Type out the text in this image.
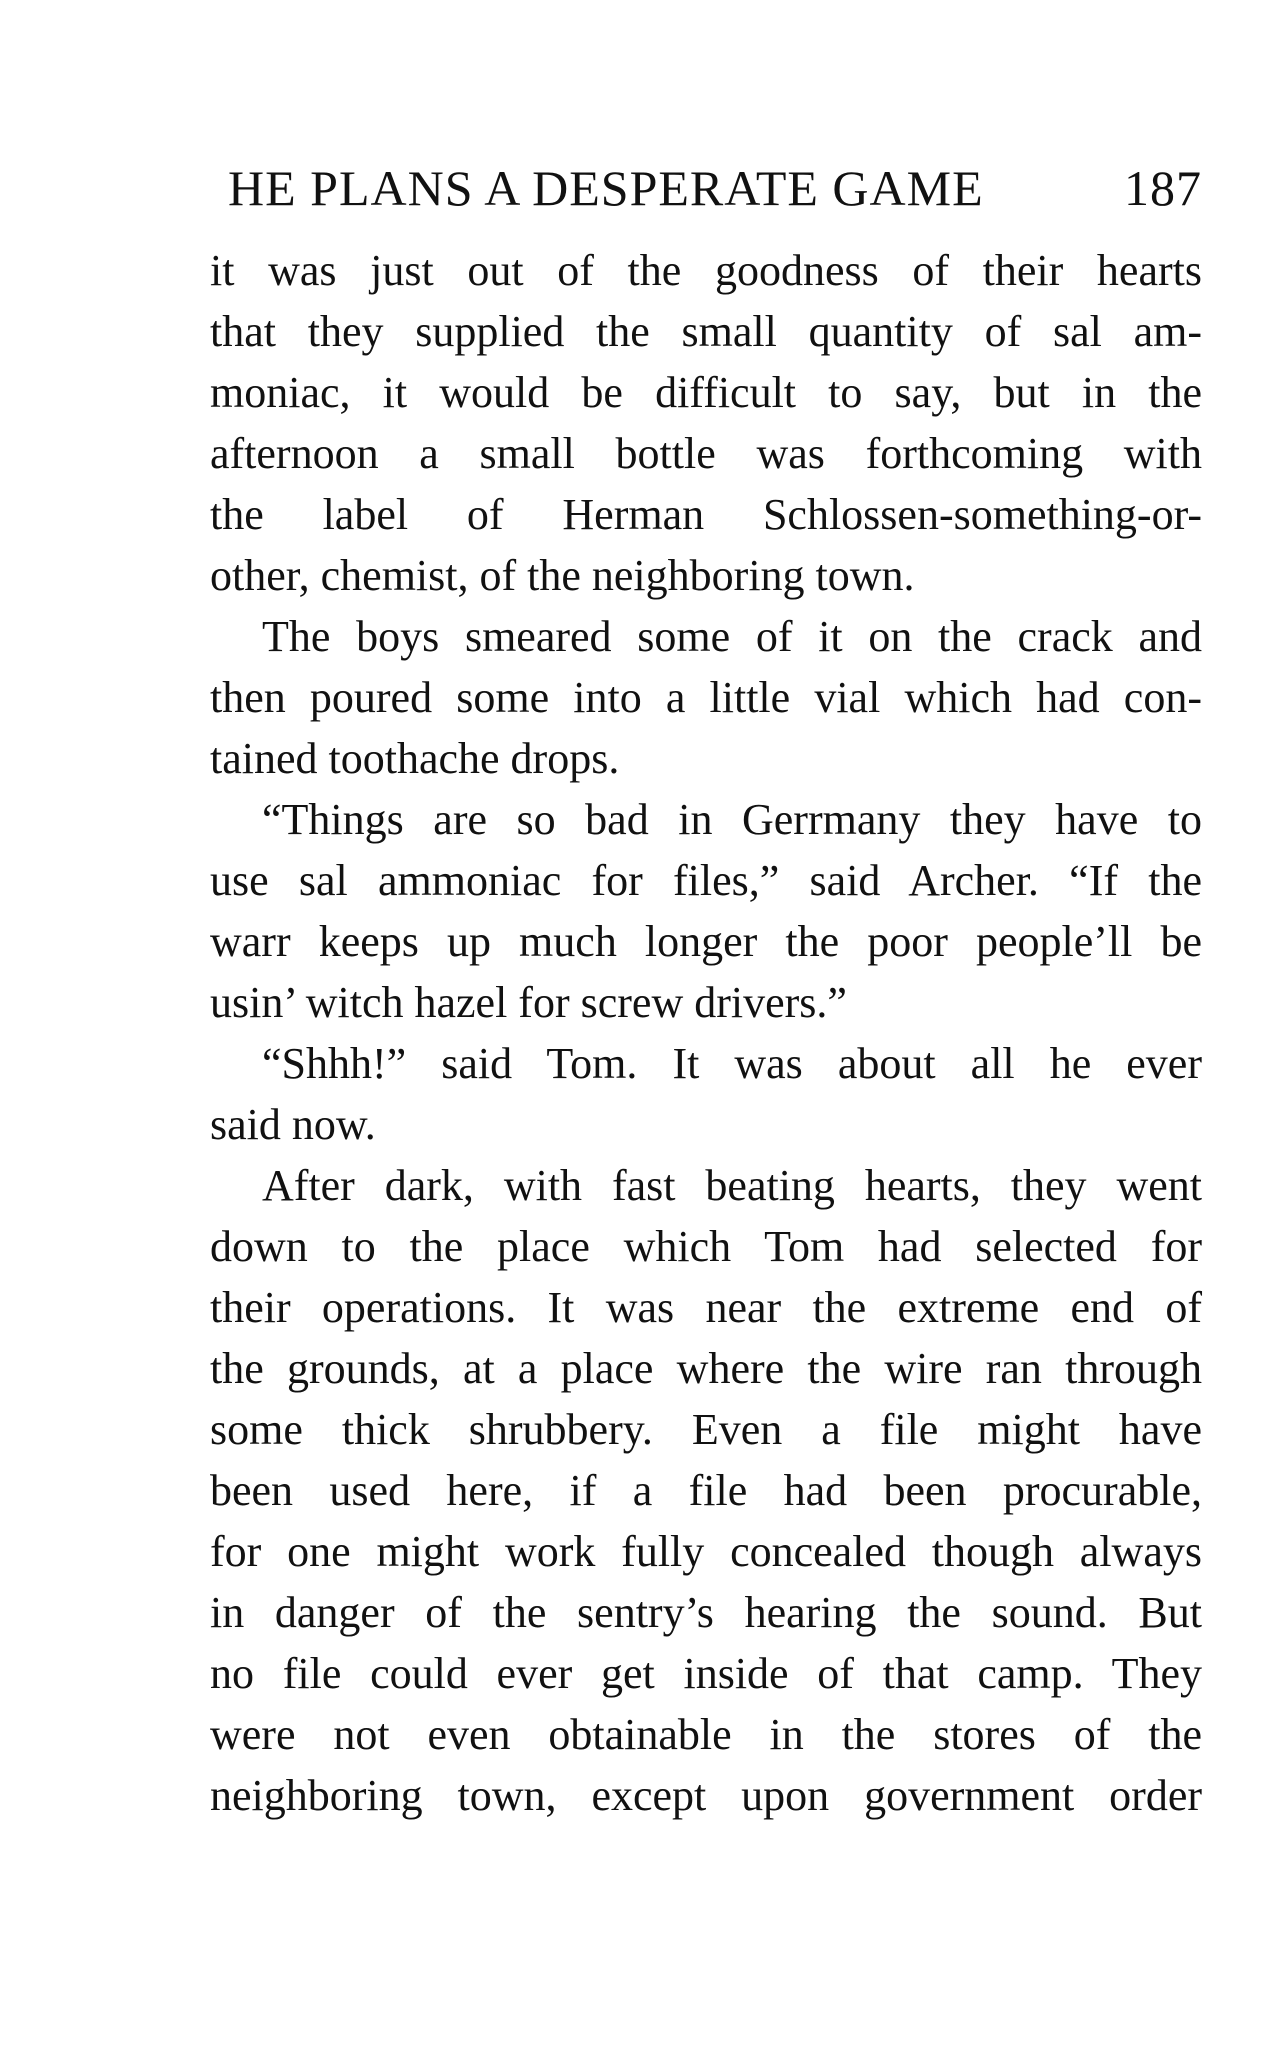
HE PLANS A DESPERATE GAME	187
it was just out of the goodness of their hearts
that they supplied the small quantity of sal am-
moniac, it would be difficult to say, but in the
afternoon a small bottle was forthcoming with
the label of Herman Schlossen-something-or-
other, chemist, of the neighboring town.
The boys smeared some of it on the crack and
then poured some into a little vial which had con-
tained toothache drops.
“Things are so bad in Gerrmany they have to
use sal ammoniac for files,” said Archer. “If the
warr keeps up much longer the poor people’ll be
usin’ witch hazel for screw drivers.”
“Shhh!” said Tom. It was about all he ever
said now.
After dark, with fast beating hearts, they went
down to the place which Tom had selected for
their operations. It was near the extreme end of
the grounds, at a place where the wire ran through
some thick shrubbery. Even a file might have
been used here, if a file had been procurable,
for one might work fully concealed though always
in danger of the sentry’s hearing the sound. But
no file could ever get inside of that camp. They
were not even obtainable in the stores of the
neighboring town, except upon government order
